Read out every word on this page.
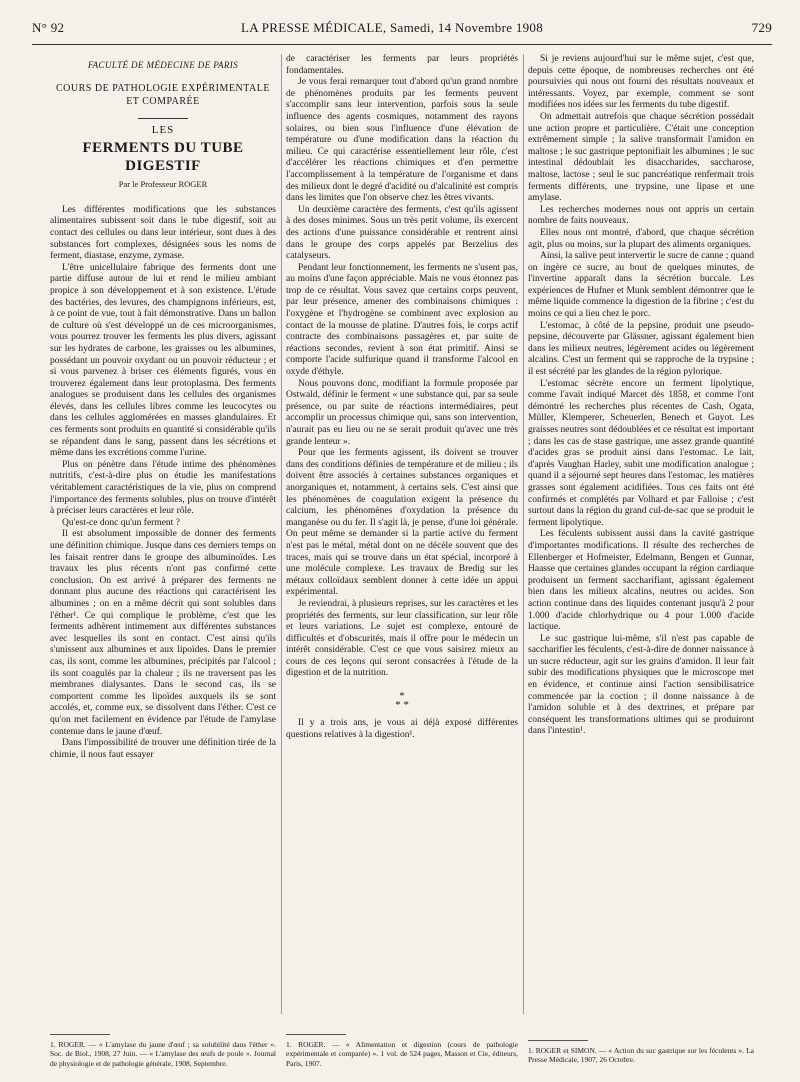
N° 92	LA PRESSE MÉDICALE, Samedi, 14 Novembre 1908	729

FACULTÉ DE MÉDECINE DE PARIS

COURS DE PATHOLOGIE EXPÉRIMENTALE ET COMPARÉE

LES

FERMENTS DU TUBE DIGESTIF

Par le Professeur ROGER

Les différentes modifications que les substances alimentaires subissent soit dans le tube digestif, soit au contact des cellules ou dans leur intérieur, sont dues à des substances fort complexes, désignées sous les noms de ferment, diastase, enzyme, zymase.

L'être unicellulaire fabrique des ferments dont une partie diffuse autour de lui et rend le milieu ambiant propice à son développement et à son existence. L'étude des bactéries, des levures, des champignons inférieurs, est, à ce point de vue, tout à fait démonstrative. Dans un ballon de culture où s'est développé un de ces microorganismes, vous pourrez trouver les ferments les plus divers, agissant sur les hydrates de carbone, les graisses ou les albumines, possédant un pouvoir oxydant ou un pouvoir réducteur ; et si vous parvenez à briser ces éléments figurés, vous en trouverez également dans leur protoplasma. Des ferments analogues se produisent dans les cellules des organismes élevés, dans les cellules libres comme les leucocytes ou dans les cellules agglomérées en masses glandulaires. Et ces ferments sont produits en quantité si considérable qu'ils se répandent dans le sang, passent dans les sécrétions et même dans les excrétions comme l'urine.

Plus on pénètre dans l'étude intime des phénomènes nutritifs, c'est-à-dire plus on étudie les manifestations véritablement caractéristiques de la vie, plus on comprend l'importance des ferments solubles, plus on trouve d'intérêt à préciser leurs caractères et leur rôle.

Qu'est-ce donc qu'un ferment ?

Il est absolument impossible de donner des ferments une définition chimique. Jusque dans ces derniers temps on les faisait rentrer dans le groupe des albuminoïdes. Les travaux les plus récents n'ont pas confirmé cette conclusion. On est arrivé à préparer des ferments ne donnant plus aucune des réactions qui caractérisent les albumines ; on en a même décrit qui sont solubles dans l'éther¹. Ce qui complique le problème, c'est que les ferments adhèrent intimement aux différentes substances avec lesquelles ils sont en contact. C'est ainsi qu'ils s'unissent aux albumines et aux lipoïdes. Dans le premier cas, ils sont, comme les albumines, précipités par l'alcool ; ils sont coagulés par la chaleur ; ils ne traversent pas les membranes dialysantes. Dans le second cas, ils se comportent comme les lipoïdes auxquels ils se sont accolés, et, comme eux, se dissolvent dans l'éther. C'est ce qu'on met facilement en évidence par l'étude de l'amylase contenue dans le jaune d'œuf.

Dans l'impossibilité de trouver une définition tirée de la chimie, il nous faut essayer

de caractériser les ferments par leurs propriétés fondamentales.

Je vous ferai remarquer tout d'abord qu'un grand nombre de phénomènes produits par les ferments peuvent s'accomplir sans leur intervention, parfois sous la seule influence des agents cosmiques, notamment des rayons solaires, ou bien sous l'influence d'une élévation de température ou d'une modification dans la réaction du milieu. Ce qui caractérise essentiellement leur rôle, c'est d'accélérer les réactions chimiques et d'en permettre l'accomplissement à la température de l'organisme et dans des milieux dont le degré d'acidité ou d'alcalinité est compris dans les limites que l'on observe chez les êtres vivants.

Un deuxième caractère des ferments, c'est qu'ils agissent à des doses minimes. Sous un très petit volume, ils exercent des actions d'une puissance considérable et rentrent ainsi dans le groupe des corps appelés par Berzelius des catalyseurs.

Pendant leur fonctionnement, les ferments ne s'usent pas, au moins d'une façon appréciable. Mais ne vous étonnez pas trop de ce résultat. Vous savez que certains corps peuvent, par leur présence, amener des combinaisons chimiques : l'oxygène et l'hydrogène se combinent avec explosion au contact de la mousse de platine. D'autres fois, le corps actif contracte des combinaisons passagères et, par suite de réactions secondes, revient à son état primitif. Ainsi se comporte l'acide sulfurique quand il transforme l'alcool en oxyde d'éthyle.

Nous pouvons donc, modifiant la formule proposée par Ostwald, définir le ferment « une substance qui, par sa seule présence, ou par suite de réactions intermédiaires, peut accomplir un processus chimique qui, sans son intervention, n'aurait pas eu lieu ou ne se serait produit qu'avec une très grande lenteur ».

Pour que les ferments agissent, ils doivent se trouver dans des conditions définies de température et de milieu ; ils doivent être associés à certaines substances organiques et anorganiques et, notamment, à certains sels. C'est ainsi que les phénomènes de coagulation exigent la présence du calcium, les phénomènes d'oxydation la présence du manganèse ou du fer. Il s'agit là, je pense, d'une loi générale. On peut même se demander si la partie active du ferment n'est pas le métal, métal dont on ne décèle souvent que des traces, mais qui se trouve dans un état spécial, incorporé à une molécule complexe. Les travaux de Bredig sur les métaux colloïdaux semblent donner à cette idée un appui expérimental.

Je reviendrai, à plusieurs reprises, sur les caractères et les propriétés des ferments, sur leur classification, sur leur rôle et leurs variations. Le sujet est complexe, entouré de difficultés et d'obscurités, mais il offre pour le médecin un intérêt considérable. C'est ce que vous saisirez mieux au cours de ces leçons qui seront consacrées à l'étude de la digestion et de la nutrition.

*
* *

Il y a trois ans, je vous ai déjà exposé différentes questions relatives à la digestion¹.

Si je reviens aujourd'hui sur le même sujet, c'est que, depuis cette époque, de nombreuses recherches ont été poursuivies qui nous ont fourni des résultats nouveaux et intéressants. Voyez, par exemple, comment se sont modifiées nos idées sur les ferments du tube digestif.

On admettait autrefois que chaque sécrétion possédait une action propre et particulière. C'était une conception extrêmement simple ; la salive transformait l'amidon en maltose ; le suc gastrique peptonifiait les albumines ; le suc intestinal dédoublait les disaccharides, saccharose, maltose, lactose ; seul le suc pancréatique renfermait trois ferments différents, une trypsine, une lipase et une amylase.

Les recherches modernes nous ont appris un certain nombre de faits nouveaux.

Elles nous ont montré, d'abord, que chaque sécrétion agit, plus ou moins, sur la plupart des aliments organiques.

Ainsi, la salive peut intervertir le sucre de canne ; quand on ingère ce sucre, au bout de quelques minutes, de l'invertine apparaît dans la sécrétion buccale. Les expériences de Hufner et Munk semblent démontrer que le même liquide commence la digestion de la fibrine ; c'est du moins ce qui a lieu chez le porc.

L'estomac, à côté de la pepsine, produit une pseudo-pepsine, découverte par Glässner, agissant également bien dans les milieux neutres, légèrement acides ou légèrement alcalins. C'est un ferment qui se rapproche de la trypsine ; il est sécrété par les glandes de la région pylorique.

L'estomac sécrète encore un ferment lipolytique, comme l'avait indiqué Marcet dès 1858, et comme l'ont démontré les recherches plus récentes de Cash, Ogata, Müller, Klemperer, Scheuerlen, Benech et Guyot. Les graisses neutres sont dédoublées et ce résultat est important ; dans les cas de stase gastrique, une assez grande quantité d'acides gras se produit ainsi dans l'estomac. Le lait, d'après Vaughan Harley, subit une modification analogue ; quand il a séjourné sept heures dans l'estomac, les matières grasses sont également acidifiées. Tous ces faits ont été confirmés et complétés par Volhard et par Falloise ; c'est surtout dans la région du grand cul-de-sac que se produit le ferment lipolytique.

Les féculents subissent aussi dans la cavité gastrique d'importantes modifications. Il résulte des recherches de Ellenberger et Hofmeister, Edelmann, Bengen et Gunnar, Haasse que certaines glandes occupant la région cardiaque produisent un ferment saccharifiant, agissant également bien dans les milieux alcalins, neutres ou acides. Son action continue dans des liquides contenant jusqu'à 2 pour 1.000 d'acide chlorhydrique ou 4 pour 1.000 d'acide lactique.

Le suc gastrique lui-même, s'il n'est pas capable de saccharifier les féculents, c'est-à-dire de donner naissance à un sucre réducteur, agit sur les grains d'amidon. Il leur fait subir des modifications physiques que le microscope met en évidence, et continue ainsi l'action sensibilisatrice commencée par la coction ; il donne naissance à de l'amidon soluble et à des dextrines, et prépare par conséquent les transformations ultimes qui se produiront dans l'intestin¹.

1. ROGER. — « L'amylase du jaune d'œuf ; sa solubilité dans l'éther ». Soc. de Biol., 1908, 27 Juin. — « L'amylase des œufs de poule ». Journal de physiologie et de pathologie générale, 1908, Septembre.
1. ROGER. — « Alimentation et digestion (cours de pathologie expérimentale et comparée) ». 1 vol. de 524 pages, Masson et Cie, éditeurs, Paris, 1907.
1. ROGER et SIMON. — « Action du suc gastrique sur les féculents ». La Presse Médicale, 1907, 26 Octobre.
